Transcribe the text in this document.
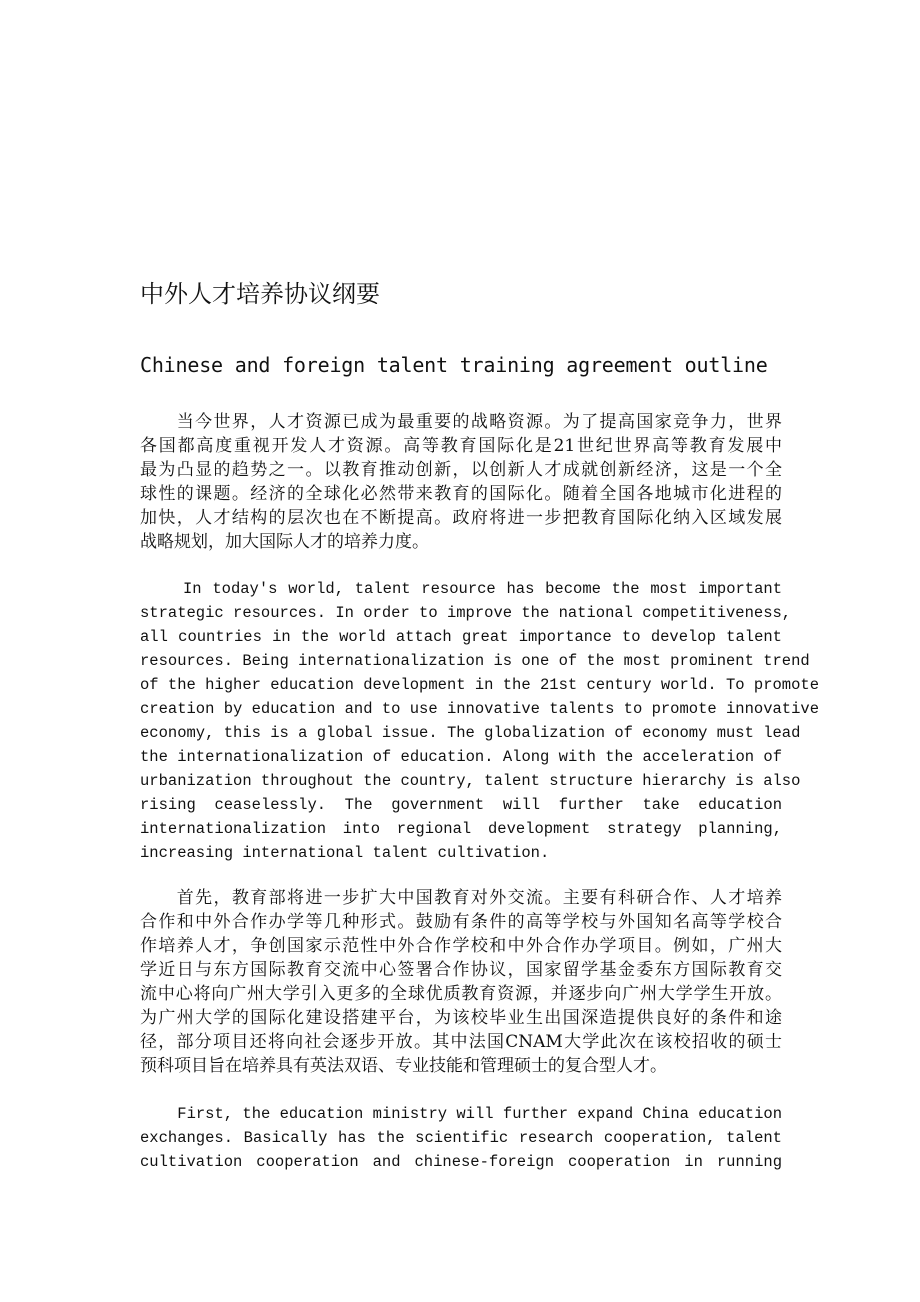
中外人才培养协议纲要
Chinese and foreign talent training agreement outline
　　当今世界，人才资源已成为最重要的战略资源。为了提高国家竞争力，世界
各国都高度重视开发人才资源。高等教育国际化是21世纪世界高等教育发展中
最为凸显的趋势之一。以教育推动创新，以创新人才成就创新经济，这是一个全
球性的课题。经济的全球化必然带来教育的国际化。随着全国各地城市化进程的
加快，人才结构的层次也在不断提高。政府将进一步把教育国际化纳入区域发展
战略规划，加大国际人才的培养力度。
In today's world, talent resource has become the most important
strategic resources. In order to improve the national competitiveness,
all countries in the world attach great importance to develop talent
resources. Being internationalization is one of the most prominent trend
of the higher education development in the 21st century world. To promote
creation by education and to use innovative talents to promote innovative
economy, this is a global issue. The globalization of economy must lead
the internationalization of education. Along with the acceleration of
urbanization throughout the country, talent structure hierarchy is also
rising ceaselessly. The government will further take education
internationalization into regional development strategy planning,
increasing international talent cultivation.
　　首先，教育部将进一步扩大中国教育对外交流。主要有科研合作、人才培养
合作和中外合作办学等几种形式。鼓励有条件的高等学校与外国知名高等学校合
作培养人才，争创国家示范性中外合作学校和中外合作办学项目。例如，广州大
学近日与东方国际教育交流中心签署合作协议，国家留学基金委东方国际教育交
流中心将向广州大学引入更多的全球优质教育资源，并逐步向广州大学学生开放。
为广州大学的国际化建设搭建平台，为该校毕业生出国深造提供良好的条件和途
径，部分项目还将向社会逐步开放。其中法国CNAM大学此次在该校招收的硕士
预科项目旨在培养具有英法双语、专业技能和管理硕士的复合型人才。
First, the education ministry will further expand China education
exchanges. Basically has the scientific research cooperation, talent
cultivation cooperation and chinese-foreign cooperation in running
